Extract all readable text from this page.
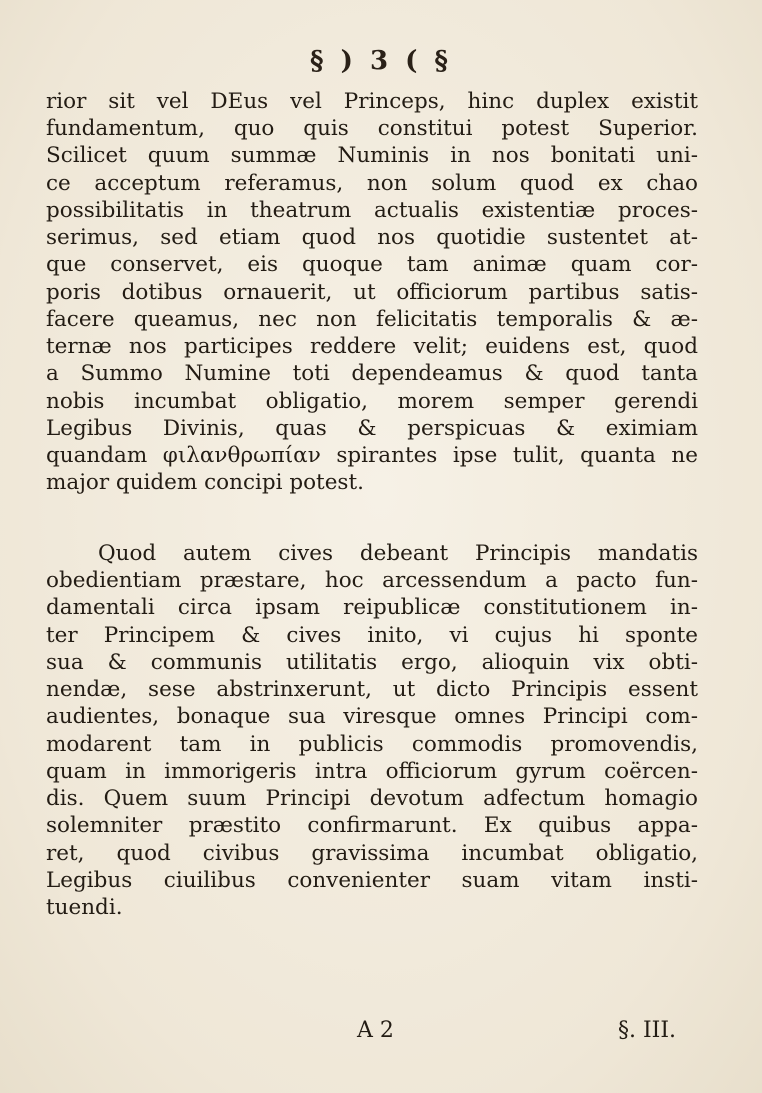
§ ) 3 ( §
rior sit vel DEus vel Princeps, hinc duplex existit
fundamentum, quo quis constitui potest Superior.
Scilicet quum summæ Numinis in nos bonitati uni-
ce acceptum referamus, non solum quod ex chao
possibilitatis in theatrum actualis existentiæ proces-
serimus, sed etiam quod nos quotidie sustentet at-
que conservet, eis quoque tam animæ quam cor-
poris dotibus ornauerit, ut officiorum partibus satis-
facere queamus, nec non felicitatis temporalis & æ-
ternæ nos participes reddere velit; euidens est, quod
a Summo Numine toti dependeamus & quod tanta
nobis incumbat obligatio, morem semper gerendi
Legibus Divinis, quas & perspicuas & eximiam
quandam φιλανθρωπίαν spirantes ipse tulit, quanta ne
major quidem concipi potest.
Quod autem cives debeant Principis mandatis
obedientiam præstare, hoc arcessendum a pacto fun-
damentali circa ipsam reipublicæ constitutionem in-
ter Principem & cives inito, vi cujus hi sponte
sua & communis utilitatis ergo, alioquin vix obti-
nendæ, sese abstrinxerunt, ut dicto Principis essent
audientes, bonaque sua viresque omnes Principi com-
modarent tam in publicis commodis promovendis,
quam in immorigeris intra officiorum gyrum coërcen-
dis. Quem suum Principi devotum adfectum homagio
solemniter præstito confirmarunt. Ex quibus appa-
ret, quod civibus gravissima incumbat obligatio,
Legibus ciuilibus convenienter suam vitam insti-
tuendi.
A 2	§. III.
